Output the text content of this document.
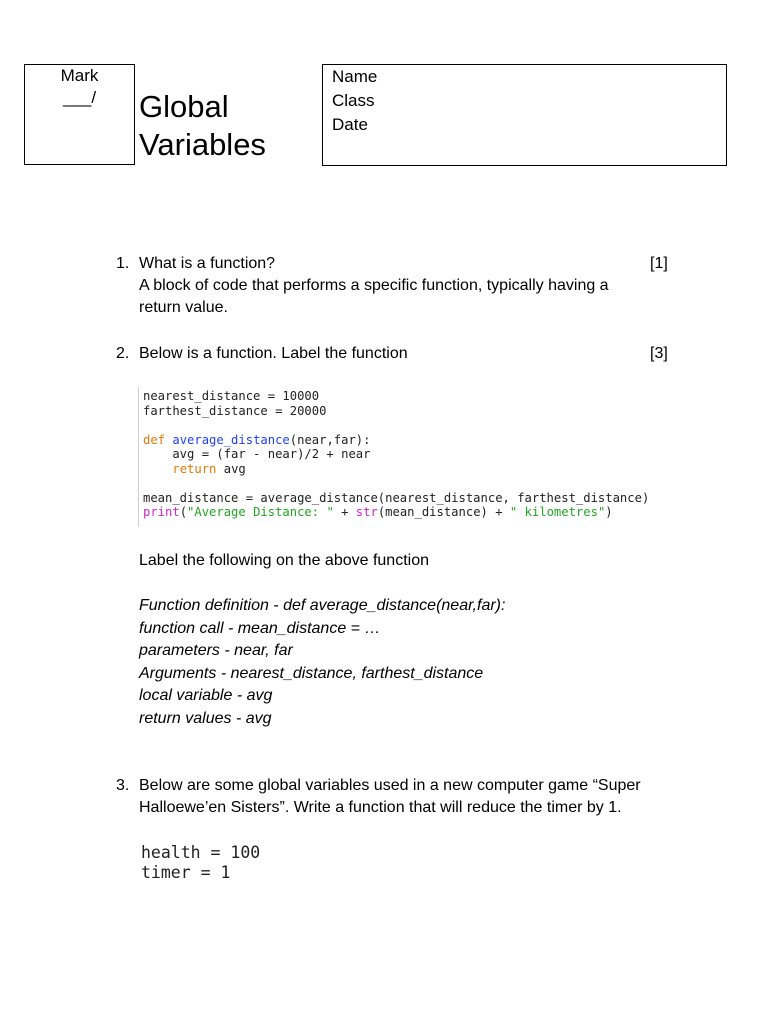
Mark
___/	Global
Variables
Name
Class
Date
1. What is a function?	[1]
A block of code that performs a specific function, typically having a
return value.
2. Below is a function. Label the function	[3]
nearest_distance = 10000
farthest_distance = 20000

def average_distance(near,far):
avg = (far - near)/2 + near
return avg

mean_distance = average_distance(nearest_distance, farthest_distance)
print("Average Distance: " + str(mean_distance) + " kilometres")
Label the following on the above function
Function definition - def average_distance(near,far):
function call - mean_distance = …
parameters - near, far
Arguments - nearest_distance, farthest_distance
local variable - avg
return values - avg
3. Below are some global variables used in a new computer game “Super
Halloewe’en Sisters”. Write a function that will reduce the timer by 1.
health = 100
timer = 1
